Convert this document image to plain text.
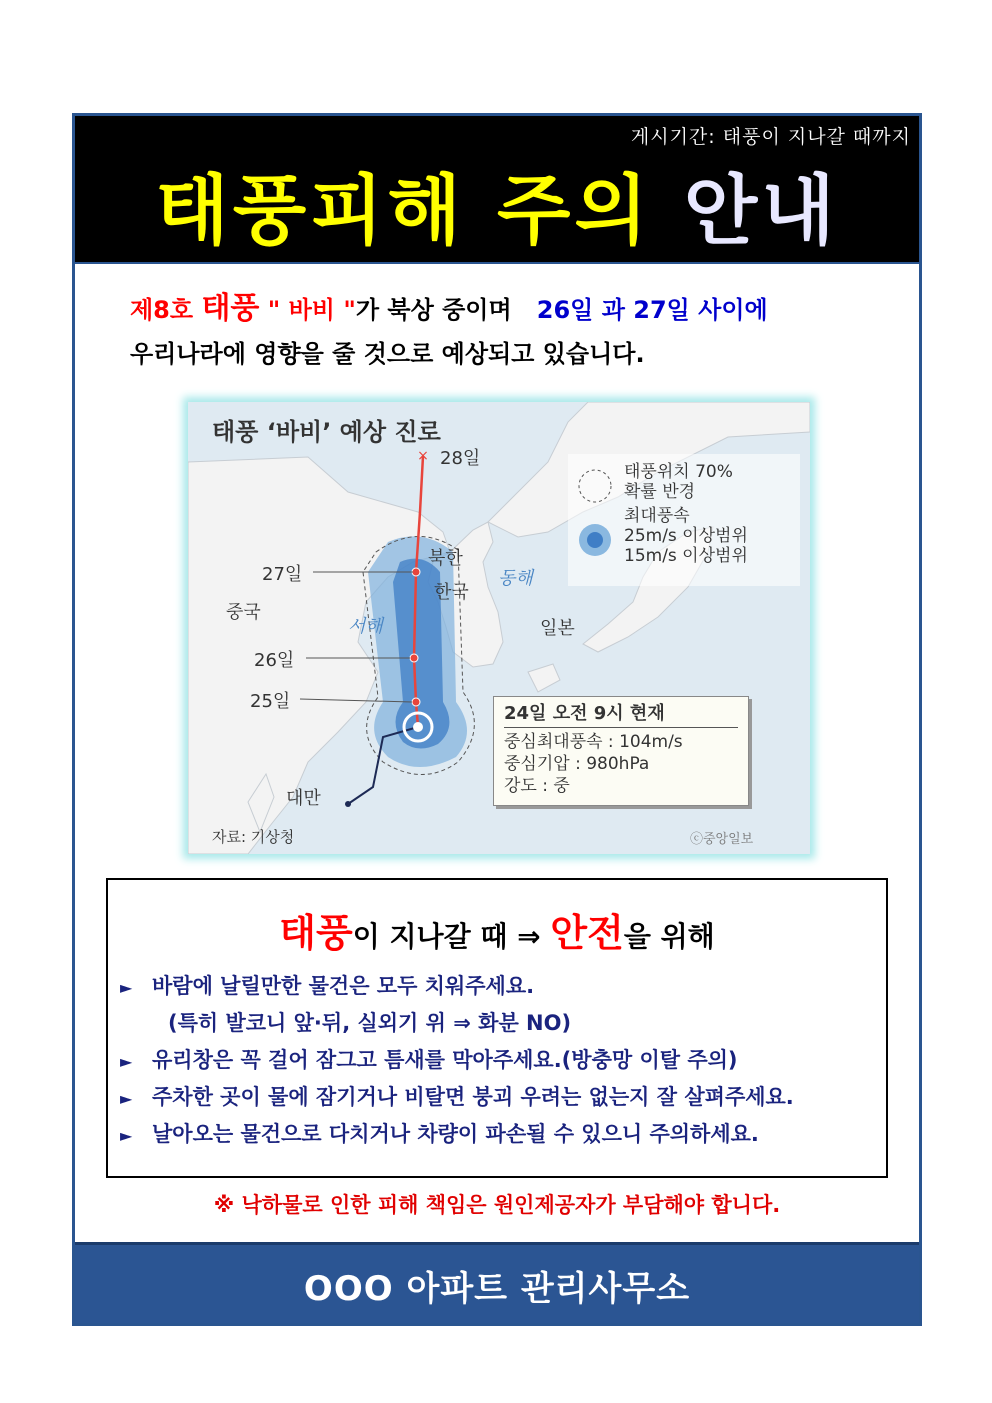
게시기간: 태풍이 지나갈 때까지
태풍피해 주의 안내
제8호 태풍 " 바비 "가 북상 중이며 26일 과 27일 사이에
우리나라에 영향을 줄 것으로 예상되고 있습니다.
×
태풍 ‘바비’ 예상 진로
28일
태풍위치 70%
확률 반경
최대풍속
25m/s 이상범위
15m/s 이상범위
27일
북한
한국
동해
일본
중국
서해
26일
25일
대만
24일 오전 9시 현재
중심최대풍속 : 104m/s
중심기압 : 980hPa
강도 : 중
자료: 기상청	ⓒ중앙일보
태풍이 지나갈 때 ⇒ 안전을 위해
► 바람에 날릴만한 물건은 모두 치워주세요.
(특히 발코니 앞·뒤, 실외기 위 ⇒ 화분 NO)
► 유리창은 꼭 걸어 잠그고 틈새를 막아주세요.(방충망 이탈 주의)
► 주차한 곳이 물에 잠기거나 비탈면 붕괴 우려는 없는지 잘 살펴주세요.
► 날아오는 물건으로 다치거나 차량이 파손될 수 있으니 주의하세요.
※ 낙하물로 인한 피해 책임은 원인제공자가 부담해야 합니다.
OOO 아파트 관리사무소
